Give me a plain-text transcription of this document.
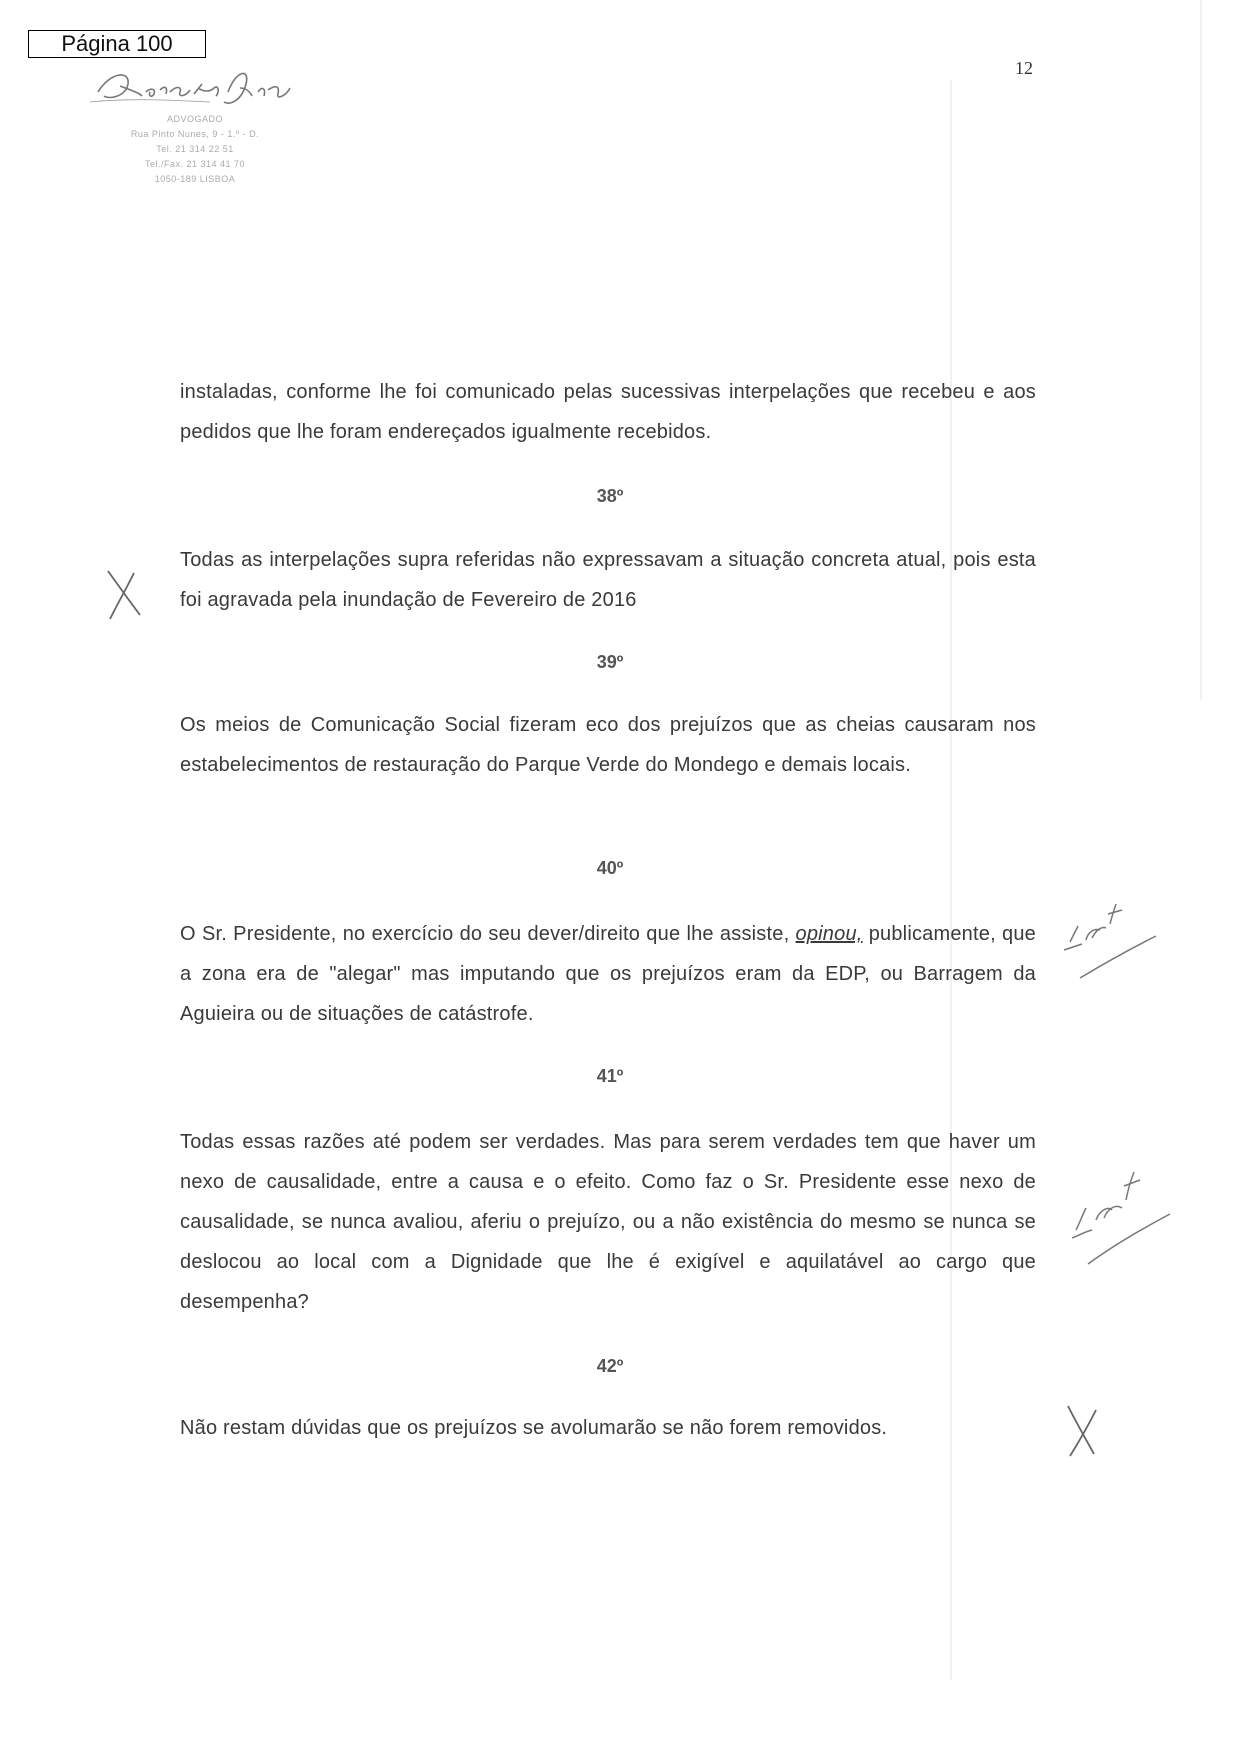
Página 100
12
ADVOGADO
Rua Pinto Nunes, 9 - 1.º - D.
Tel. 21 314 22 51
Tel./Fax. 21 314 41 70
1050-189 LISBOA
instaladas, conforme lhe foi comunicado pelas sucessivas interpelações que recebeu e aos pedidos que lhe foram endereçados igualmente recebidos.
38º
Todas as interpelações supra referidas não expressavam a situação concreta atual, pois esta foi agravada pela inundação de Fevereiro de 2016
39º
Os meios de Comunicação Social fizeram eco dos prejuízos que as cheias causaram nos estabelecimentos de restauração do Parque Verde do Mondego e demais locais.
40º
O Sr. Presidente, no exercício do seu dever/direito que lhe assiste, opinou, publicamente, que a zona era de "alegar" mas imputando que os prejuízos eram da EDP, ou Barragem da Aguieira ou de situações de catástrofe.
41º
Todas essas razões até podem ser verdades. Mas para serem verdades tem que haver um nexo de causalidade, entre a causa e o efeito. Como faz o Sr. Presidente esse nexo de causalidade, se nunca avaliou, aferiu o prejuízo, ou a não existência do mesmo se nunca se deslocou ao local com a Dignidade que lhe é exigível e aquilatável ao cargo que desempenha?
42º
Não restam dúvidas que os prejuízos se avolumarão se não forem removidos.
